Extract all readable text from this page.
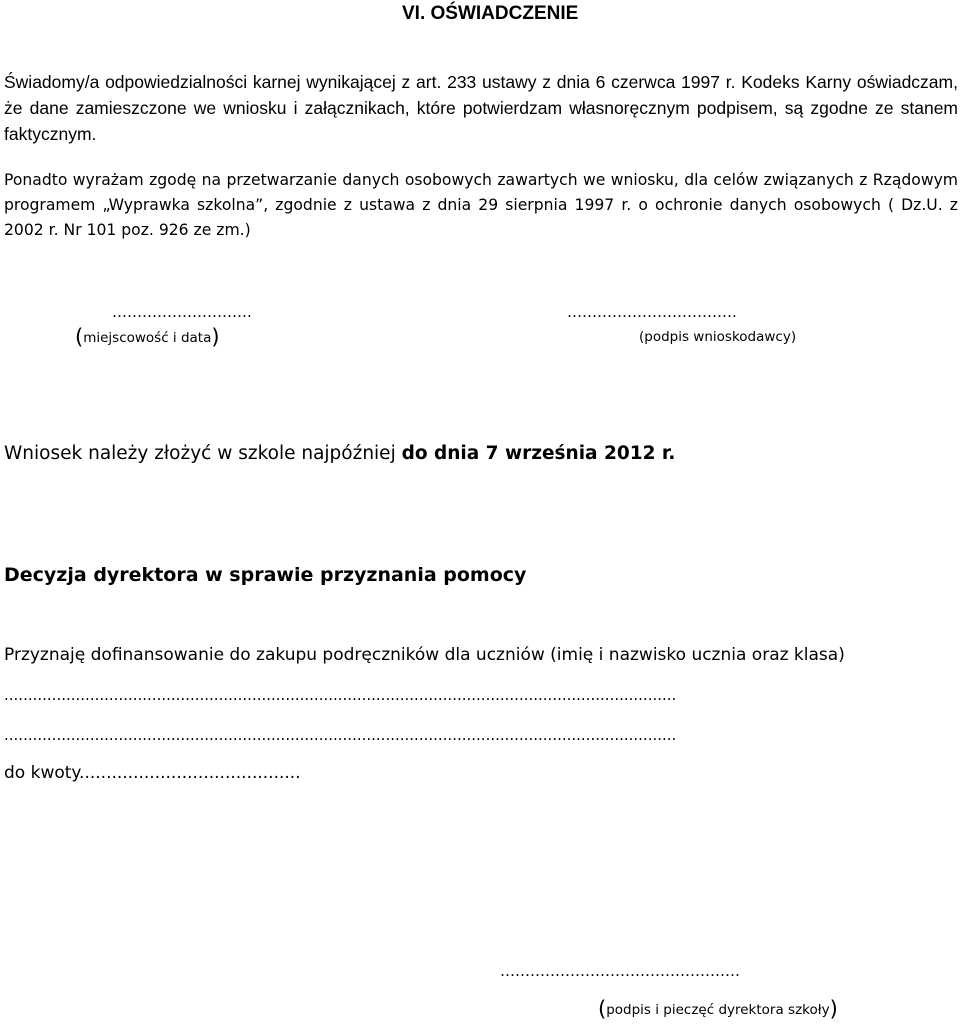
VI. OŚWIADCZENIE
Świadomy/a odpowiedzialności karnej wynikającej z art. 233 ustawy z dnia 6 czerwca 1997 r. Kodeks Karny oświadczam, że dane zamieszczone we wniosku i załącznikach, które potwierdzam własnoręcznym podpisem, są zgodne ze stanem faktycznym.
Ponadto wyrażam zgodę na przetwarzanie danych osobowych zawartych we wniosku, dla celów związanych z Rządowym programem „Wyprawka szkolna”, zgodnie z ustawa z dnia 29 sierpnia 1997 r. o ochronie danych osobowych ( Dz.U. z 2002 r. Nr 101 poz. 926 ze zm.)
……………………….
(miejscowość i data)
…………………………….
(podpis wnioskodawcy)
Wniosek należy złożyć w szkole najpóźniej do dnia 7 września 2012 r.
Decyzja dyrektora w sprawie przyznania pomocy
Przyznaję dofinansowanie do zakupu podręczników dla uczniów (imię i nazwisko ucznia oraz klasa)
.............................................................................................................................................
.............................................................................................................................................
do kwoty.........................................
…………………………………………
(podpis i pieczęć dyrektora szkoły)
